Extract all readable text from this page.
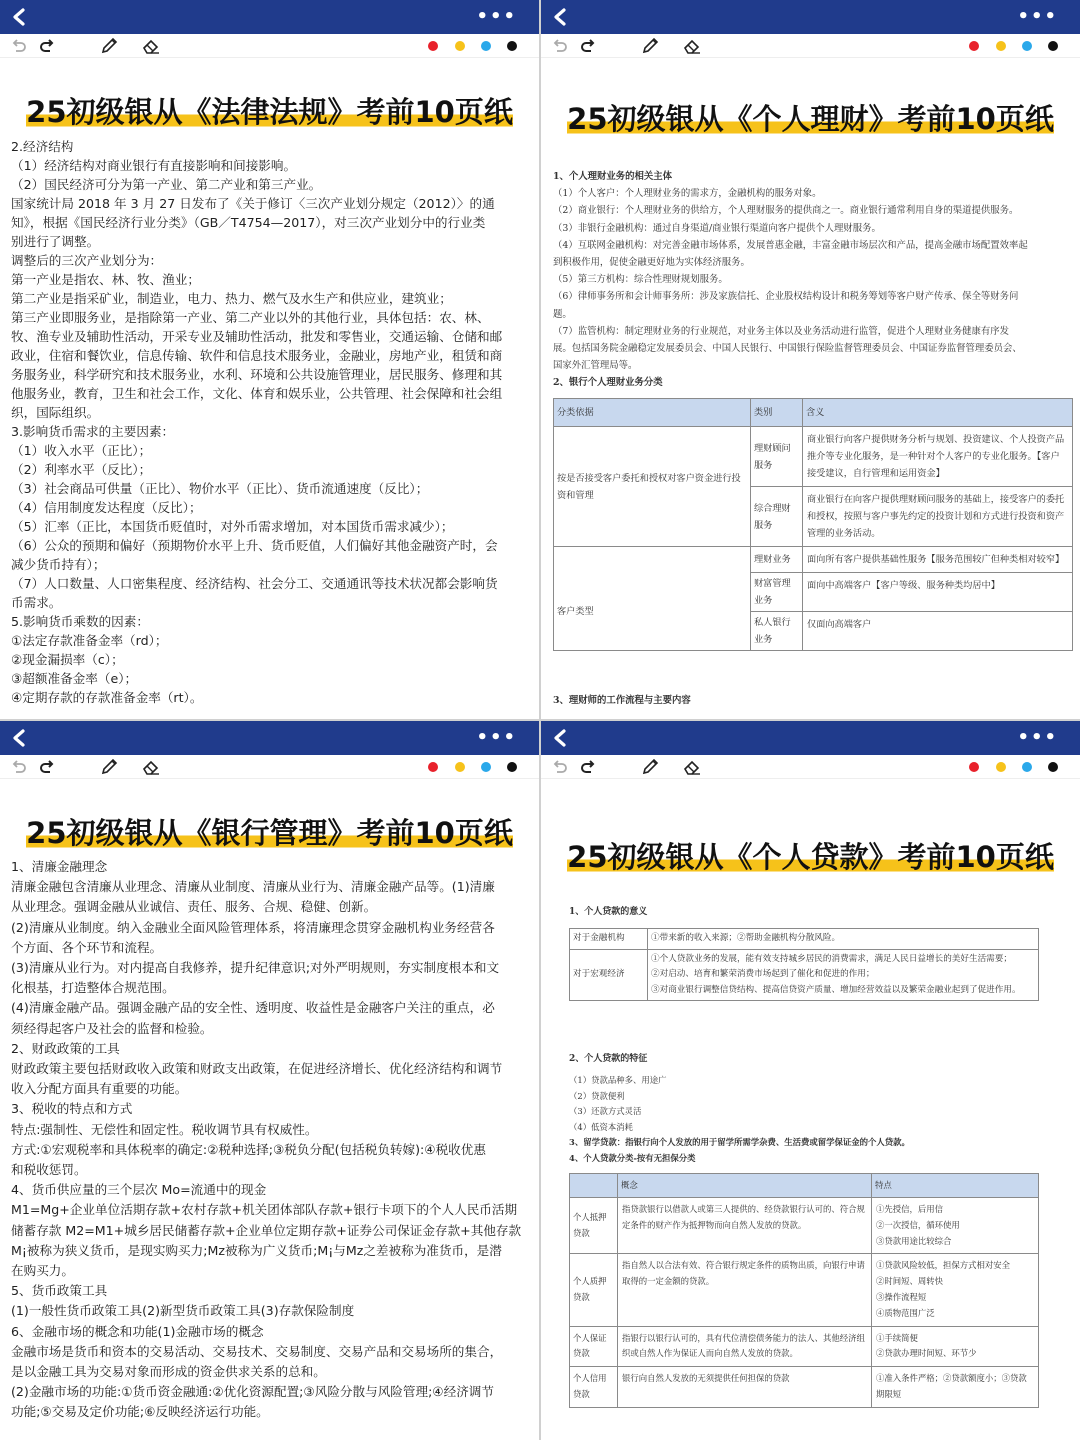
•••
25初级银从《法律法规》考前10页纸
2.经济结构
（1）经济结构对商业银行有直接影响和间接影响。
（2）国民经济可分为第一产业、第二产业和第三产业。
国家统计局 2018 年 3 月 27 日发布了《关于修订〈三次产业划分规定（2012）〉的通
知》，根据《国民经济行业分类》（GB／T4754—2017），对三次产业划分中的行业类
别进行了调整。
调整后的三次产业划分为：
第一产业是指农、林、牧、渔业；
第二产业是指采矿业，制造业，电力、热力、燃气及水生产和供应业，建筑业；
第三产业即服务业，是指除第一产业、第二产业以外的其他行业，具体包括：农、林、
牧、渔专业及辅助性活动，开采专业及辅助性活动，批发和零售业，交通运输、仓储和邮
政业，住宿和餐饮业，信息传输、软件和信息技术服务业，金融业，房地产业，租赁和商
务服务业，科学研究和技术服务业，水利、环境和公共设施管理业，居民服务、修理和其
他服务业，教育，卫生和社会工作，文化、体育和娱乐业，公共管理、社会保障和社会组
织，国际组织。
3.影响货币需求的主要因素：
（1）收入水平（正比）；
（2）利率水平（反比）；
（3）社会商品可供量（正比）、物价水平（正比）、货币流通速度（反比）；
（4）信用制度发达程度（反比）；
（5）汇率（正比，本国货币贬值时，对外币需求增加，对本国货币需求减少）；
（6）公众的预期和偏好（预期物价水平上升、货币贬值，人们偏好其他金融资产时，会
减少货币持有）；
（7）人口数量、人口密集程度、经济结构、社会分工、交通通讯等技术状况都会影响货
币需求。
5.影响货币乘数的因素：
①法定存款准备金率（rd）；
②现金漏损率（c）；
③超额准备金率（e）；
④定期存款的存款准备金率（rt）。
•••
25初级银从《个人理财》考前10页纸
1、个人理财业务的相关主体
（1）个人客户：个人理财业务的需求方，金融机构的服务对象。
（2）商业银行：个人理财业务的供给方，个人理财服务的提供商之一。商业银行通常利用自身的渠道提供服务。
（3）非银行金融机构：通过自身渠道/商业银行渠道向客户提供个人理财服务。
（4）互联网金融机构：对完善金融市场体系，发展普惠金融，丰富金融市场层次和产品，提高金融市场配置效率起
到积极作用，促使金融更好地为实体经济服务。
（5）第三方机构：综合性理财规划服务。
（6）律师事务所和会计师事务所：涉及家族信托、企业股权结构设计和税务筹划等客户财产传承、保全等财务问
题。
（7）监管机构：制定理财业务的行业规范，对业务主体以及业务活动进行监管，促进个人理财业务健康有序发
展。包括国务院金融稳定发展委员会、中国人民银行、中国银行保险监督管理委员会、中国证券监督管理委员会、
国家外汇管理局等。
2、银行个人理财业务分类
分类依据	类别	含义
按是否接受客户委托和授权对客户资金进行投资和管理	理财顾问服务	商业银行向客户提供财务分析与规划、投资建议、个人投资产品推介等专业化服务，是一种针对个人客户的专业化服务。【客户接受建议，自行管理和运用资金】
	综合理财服务	商业银行在向客户提供理财顾问服务的基础上，接受客户的委托和授权，按照与客户事先约定的投资计划和方式进行投资和资产管理的业务活动。
客户类型	理财业务	面向所有客户提供基础性服务【服务范围较广但种类相对较窄】
	财富管理业务	面向中高端客户【客户等级、服务种类均居中】
	私人银行业务	仅面向高端客户
3、理财师的工作流程与主要内容
•••
25初级银从《银行管理》考前10页纸
1、清廉金融理念
清廉金融包含清廉从业理念、清廉从业制度、清廉从业行为、清廉金融产品等。(1)清廉
从业理念。强调金融从业诚信、责任、服务、合规、稳健、创新。
(2)清廉从业制度。纳入金融业全面风险管理体系，将清廉理念贯穿金融机构业务经营各
个方面、各个环节和流程。
(3)清廉从业行为。对内提高自我修养，提升纪律意识;对外严明规则，夯实制度根本和文
化根基，打造整体合规范围。
(4)清廉金融产品。强调金融产品的安全性、透明度、收益性是金融客户关注的重点，必
须经得起客户及社会的监督和检验。
2、财政政策的工具
财政政策主要包括财政收入政策和财政支出政策，在促进经济增长、优化经济结构和调节
收入分配方面具有重要的功能。
3、税收的特点和方式
特点:强制性、无偿性和固定性。税收调节具有权威性。
方式:①宏观税率和具体税率的确定:②税种选择;③税负分配(包括税负转嫁):④税收优惠
和税收惩罚。
4、货币供应量的三个层次 Mo=流通中的现金
M1=Mg+企业单位活期存款+农村存款+机关团体部队存款+银行卡项下的个人人民币活期
储蓄存款 M2=M1+城乡居民储蓄存款+企业单位定期存款+证券公司保证金存款+其他存款
M¡被称为狭义货币，是现实购买力;Mz被称为广义货币;M¡与Mz之差被称为准货币，是潜
在购买力。
5、货币政策工具
(1)一般性货币政策工具(2)新型货币政策工具(3)存款保险制度
6、金融市场的概念和功能(1)金融市场的概念
金融市场是货币和资本的交易活动、交易技术、交易制度、交易产品和交易场所的集合，
是以金融工具为交易对象而形成的资金供求关系的总和。
(2)金融市场的功能:①货币资金融通:②优化资源配置;③风险分散与风险管理;④经济调节
功能;⑤交易及定价功能;⑥反映经济运行功能。
•••
25初级银从《个人贷款》考前10页纸
1、个人贷款的意义
对于金融机构	①带来新的收入来源；②帮助金融机构分散风险。

对于宏观经济	①个人贷款业务的发展，能有效支持城乡居民的消费需求，满足人民日益增长的美好生活需要；
②对启动、培育和繁荣消费市场起到了催化和促进的作用；
③对商业银行调整信贷结构、提高信贷资产质量、增加经营效益以及繁荣金融业起到了促进作用。
2、个人贷款的特征
（1）贷款品种多、用途广
（2）贷款便利
（3）还款方式灵活
（4）低资本消耗
3、留学贷款：指银行向个人发放的用于留学所需学杂费、生活费或留学保证金的个人贷款。
4、个人贷款分类-按有无担保分类
	概念	特点
个人抵押贷款	指贷款银行以借款人或第三人提供的、经贷款银行认可的、符合规定条件的财产作为抵押物而向自然人发放的贷款。	①先授信，后用信
②一次授信，循环使用
③贷款用途比较综合

个人质押贷款	指自然人以合法有效、符合银行规定条件的质物出质，向银行申请取得的一定金额的贷款。	①贷款风险较低，担保方式相对安全
②时间短、周转快
③操作流程短
④质物范围广泛

个人保证贷款	指银行以银行认可的，具有代位清偿债务能力的法人、其他经济组织或自然人作为保证人而向自然人发放的贷款。	①手续简便
②贷款办理时间短、环节少

个人信用贷款	银行向自然人发放的无须提供任何担保的贷款	①准入条件严格；②贷款额度小；③贷款期限短
